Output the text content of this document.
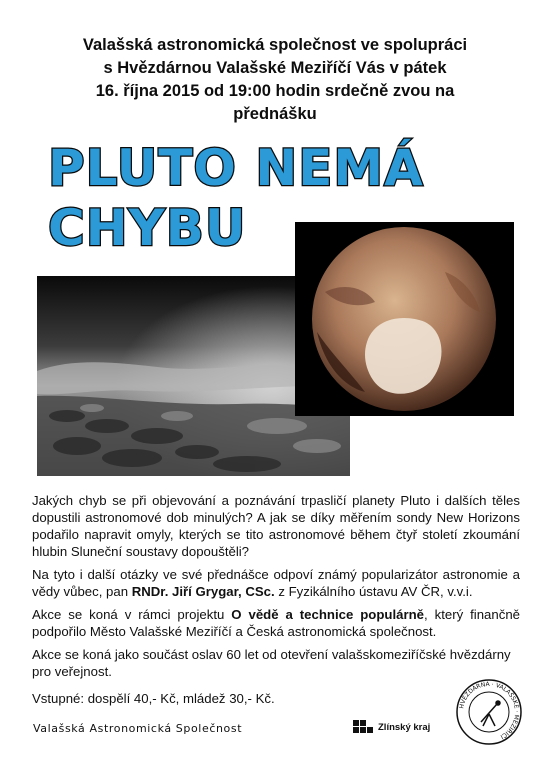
Valašská astronomická společnost ve spolupráci
s Hvězdárnou Valašské Meziříčí Vás v pátek
16. října 2015 od 19:00 hodin srdečně zvou na
přednášku
PLUTO NEMÁ
CHYBU

Jakých chyb se při objevování a poznávání trpasličí planety Pluto i dalších těles dopustili astronomové dob minulých? A jak se díky měřením sondy New Horizons podařilo napravit omyly, kterých se tito astronomové během čtyř století zkoumání hlubin Sluneční soustavy dopouštěli?

Na tyto i další otázky ve své přednášce odpoví známý popularizátor astronomie a vědy vůbec, pan RNDr. Jiří Grygar, CSc. z Fyzikálního ústavu AV ČR, v.v.i.

Akce se koná v rámci projektu O vědě a technice populárně, který finančně podpořilo Město Valašské Meziříčí a Česká astronomická společnost.

Akce se koná jako součást oslav 60 let od otevření valašskomeziříčské hvězdárny pro veřejnost.

Vstupné: dospělí 40,- Kč, mládež 30,- Kč.

Valašská Astronomická Společnost	Zlínský kraj
HVĚZDÁRNA · VALAŠSKÉ · MEZIŘÍČÍ
